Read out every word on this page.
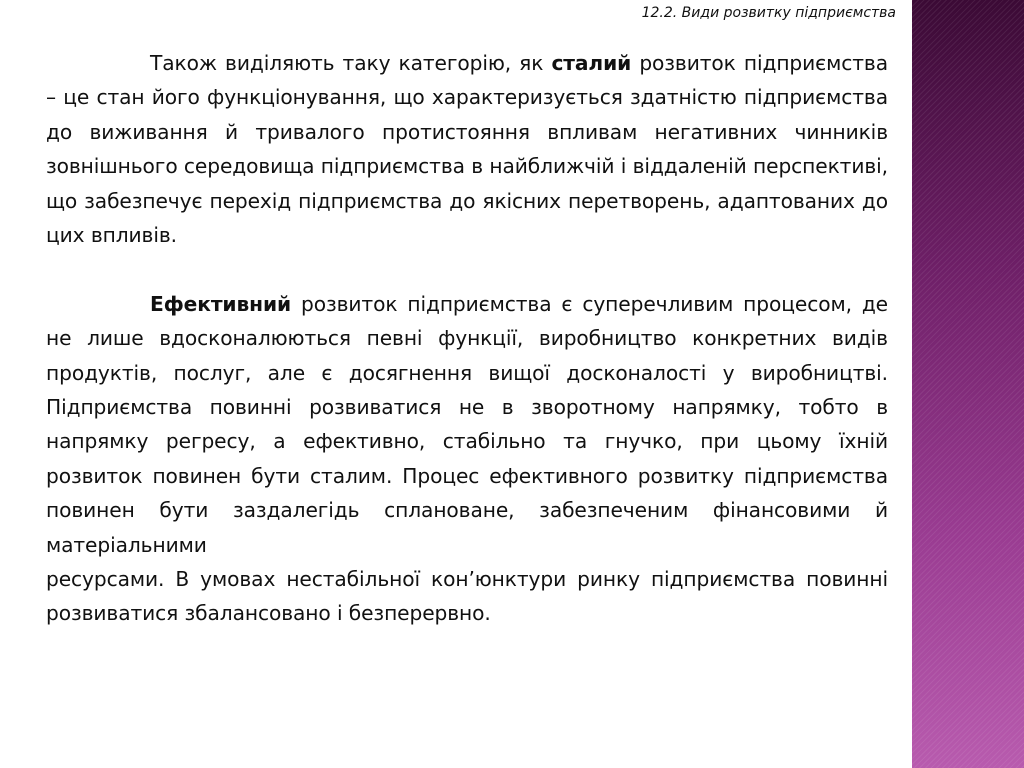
12.2. Види розвитку підприємства

Також виділяють таку категорію, як сталий розвиток підприємства – це стан його функціонування, що характеризується здатністю підприємства до виживання й тривалого протистояння впливам негативних чинників зовнішнього середовища підприємства в найближчій і віддаленій перспективі, що забезпечує перехід підприємства до якісних перетворень, адаптованих до цих впливів.

Ефективний розвиток підприємства є суперечливим процесом, де не лише вдосконалюються певні функції, виробництво конкретних видів продуктів, послуг, але є досягнення вищої досконалості у виробництві. Підприємства повинні розвиватися не в зворотному напрямку, тобто в напрямку регресу, а ефективно, стабільно та гнучко, при цьому їхній розвиток повинен бути сталим. Процес ефективного розвитку підприємства повинен бути заздалегідь сплановане, забезпеченим фінансовими й матеріальними
ресурсами. В умовах нестабільної кон’юнктури ринку підприємства повинні розвиватися збалансовано і безперервно.
